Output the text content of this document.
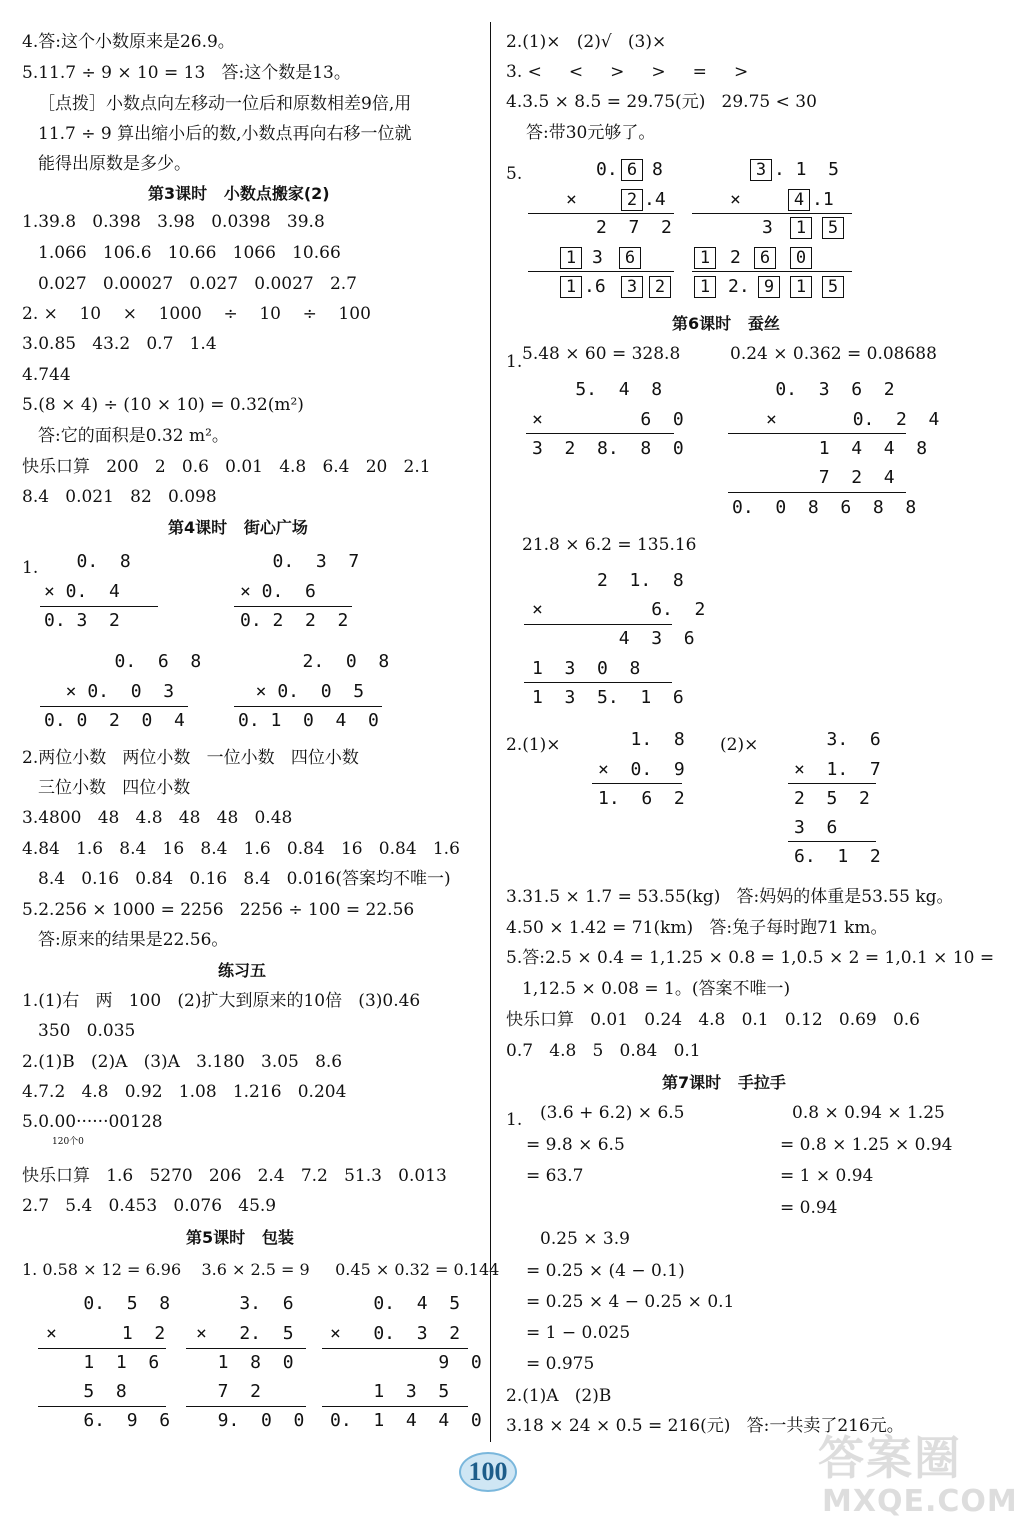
4.答:这个小数原来是26.9。
5.11.7 ÷ 9 × 10 = 13   答:这个数是13。
［点拨］小数点向左移动一位后和原数相差9倍,用
11.7 ÷ 9 算出缩小后的数,小数点再向右移一位就
能得出原数是多少。
第3课时   小数点搬家(2)
1.39.8   0.398   3.98   0.0398   39.8
1.066   106.6   10.66   1066   10.66
0.027   0.00027   0.027   0.0027   2.7
2. ×    10    ×    1000    ÷    10    ÷    100
3.0.85   43.2   0.7   1.4
4.744
5.(8 × 4) ÷ (10 × 10) = 0.32(m²)
答:它的面积是0.32 m²。
快乐口算   200   2   0.6   0.01   4.8   6.4   20   2.1
8.4   0.021   82   0.098
第4课时   街心广场
1. 0.  8
× 0.  4
0. 3  2
0.  3  7
× 0.  6
0. 2  2  2
0.  6  8
× 0.  0  3
0. 0  2  0  4
2.  0  8
× 0.  0  5
0. 1  0  4  0
2.两位小数   两位小数   一位小数   四位小数
三位小数   四位小数
3.4800   48   4.8   48   48   0.48
4.84   1.6   8.4   16   8.4   1.6   0.84   16   0.84   1.6
8.4   0.16   0.84   0.16   8.4   0.016(答案均不唯一)
5.2.256 × 1000 = 2256   2256 ÷ 100 = 22.56
答:原来的结果是22.56。
练习五
1.(1)右   两   100   (2)扩大到原来的10倍   (3)0.46
350   0.035
2.(1)B   (2)A   (3)A   3.180   3.05   8.6
4.7.2   4.8   0.92   1.08   1.216   0.204
5.0.00······00128
120个0
快乐口算   1.6   5270   206   2.4   7.2   51.3   0.013
2.7   5.4   0.453   0.076   45.9
第5课时   包装
1. 0.58 × 12 = 6.96    3.6 × 2.5 = 9     0.45 × 0.32 = 0.144
0.  5  8
×      1  2
1  1  6
5  8
6.  9  6
3.  6
×   2.  5
1  8  0
7  2
9.  0  0
0.  4  5
×   0.  3  2
9  0
1  3  5
0.  1  4  4  0
2.(1)×   (2)√   (3)×
3. <     <     >     >     =     >
4.3.5 × 8.5 = 29.75(元)   29.75 < 30
答:带30元够了。
5.	0. 6 8
×	2 .4
2  7  2
1 3	6
1 .6	3	2
3 . 1  5
×	4 .1
3	1	5
1	2	6	0
1 2. 9	1	5
第6课时   蚕丝
1. 5.48 × 60 = 328.8	0.24 × 0.362 = 0.08688
5.  4  8
×         6  0
3  2  8.  8  0
0.  3  6  2
×       0.  2  4
1  4  4  8
7  2  4
0.  0  8  6  8  8
21.8 × 6.2 = 135.16
2  1.  8
×          6.  2
4  3  6
1  3  0  8
1  3  5.  1  6
2.(1)× 1.  8
×  0.  9
1.  6  2
(2)× 3.  6
×  1.  7
2  5  2
3  6
6.  1  2
3.31.5 × 1.7 = 53.55(kg)   答:妈妈的体重是53.55 kg。
4.50 × 1.42 = 71(km)   答:兔子每时跑71 km。
5.答:2.5 × 0.4 = 1,1.25 × 0.8 = 1,0.5 × 2 = 1,0.1 × 10 =
1,12.5 × 0.08 = 1。(答案不唯一)
快乐口算   0.01   0.24   4.8   0.1   0.12   0.69   0.6
0.7   4.8   5   0.84   0.1
第7课时   手拉手
1. (3.6 + 6.2) × 6.5	0.8 × 0.94 × 1.25
= 9.8 × 6.5	= 0.8 × 1.25 × 0.94
= 63.7	= 1 × 0.94
= 0.94
0.25 × 3.9
= 0.25 × (4 − 0.1)
= 0.25 × 4 − 0.25 × 0.1
= 1 − 0.025
= 0.975
2.(1)A   (2)B
3.18 × 24 × 0.5 = 216(元)   答:一共卖了216元。
100	答案圈
MXQE.COM
